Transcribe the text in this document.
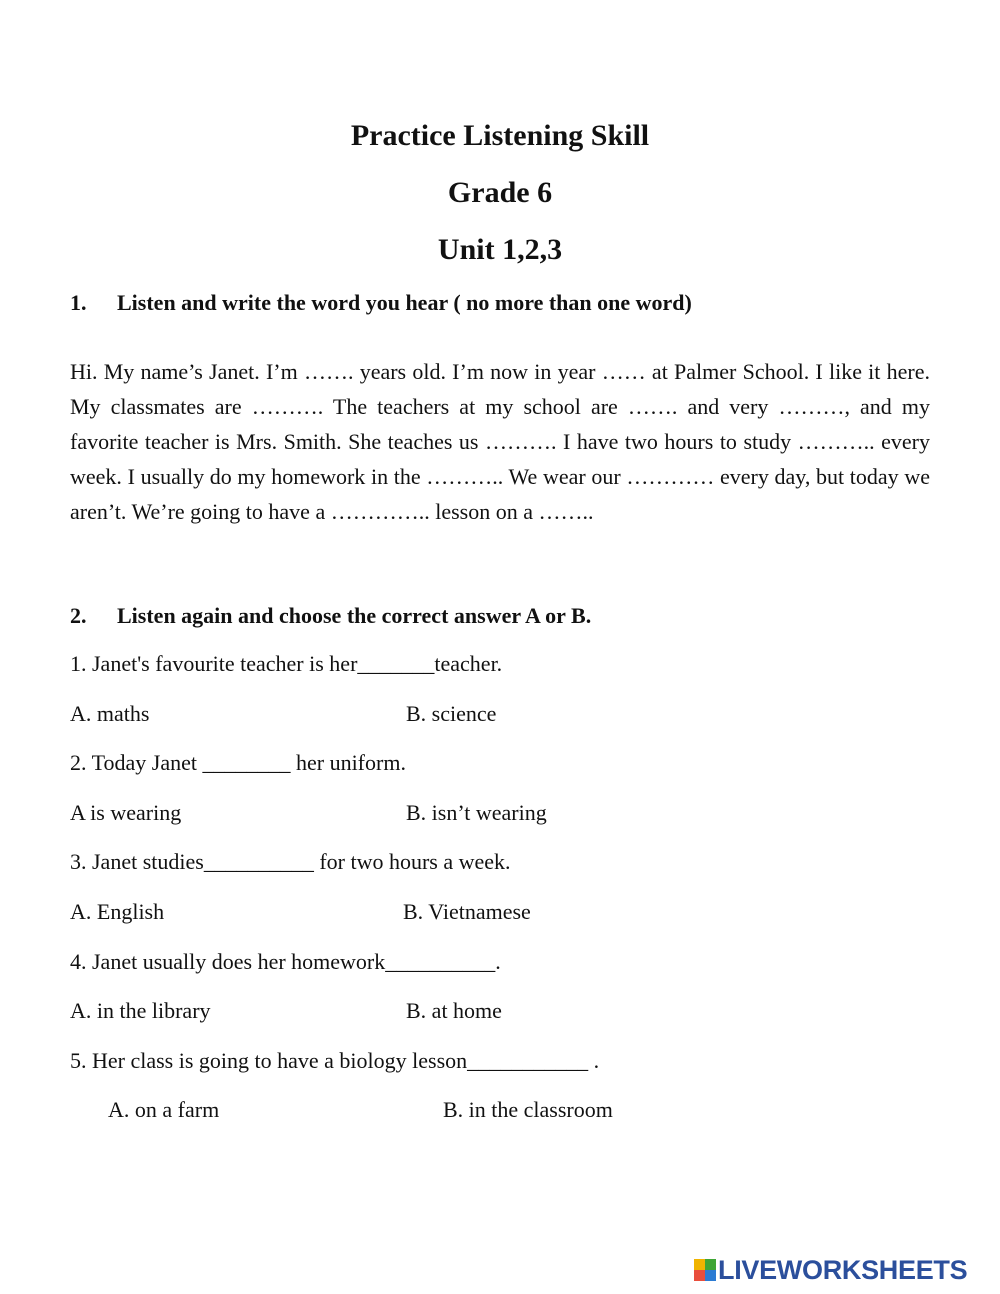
Practice Listening Skill
Grade 6
Unit 1,2,3
1. Listen and write the word you hear ( no more than one word)

Hi. My name’s Janet. I’m ……. years old. I’m now in year …… at Palmer School. I like it here. My classmates are ………. The teachers at my school are ……. and very ………, and my favorite teacher is Mrs. Smith. She teaches us ………. I have two hours to study ……….. every week. I usually do my homework in the ……….. We wear our ………… every day, but today we aren’t. We’re going to have a ………….. lesson on a ……..

2. Listen again and choose the correct answer A or B.
1. Janet's favourite teacher is her_______teacher.
A. maths	B. science
2. Today Janet ________ her uniform.
A is wearing	B. isn’t wearing
3. Janet studies__________ for two hours a week.
A. English	B. Vietnamese
4. Janet usually does her homework__________.
A. in the library	B. at home
5. Her class is going to have a biology lesson___________ .
A. on a farm	B. in the classroom
LIVEWORKSHEETS
